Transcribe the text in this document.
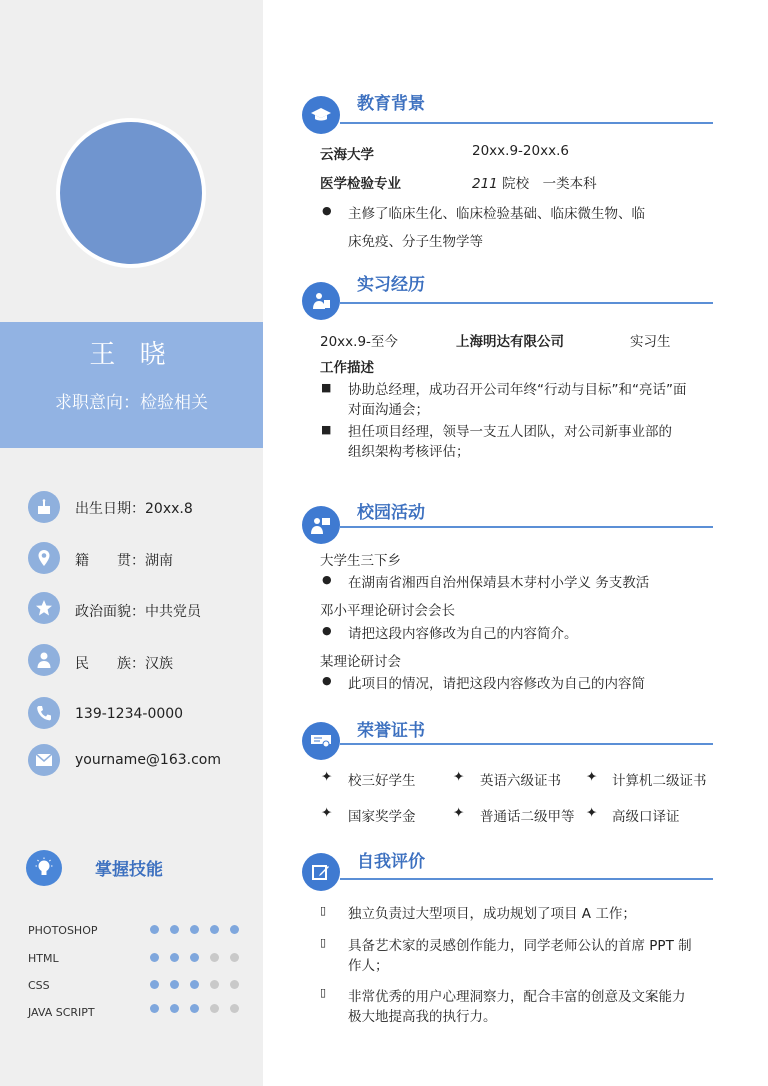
王 晓
求职意向：检验相关
出生日期：20xx.8
籍　　贯：湖南
政治面貌：中共党员
民　　族：汉族
139-1234-0000
yourname@163.com
掌握技能
PHOTOSHOP
HTML
CSS
JAVA SCRIPT
教育背景
云海大学	20xx.9-20xx.6
医学检验专业	211 院校　一类本科
● 主修了临床生化、临床检验基础、临床微生物、临
床免疫、分子生物学等
实习经历
20xx.9-至今	上海明达有限公司	实习生
工作描述
■ 协助总经理，成功召开公司年终“行动与目标”和“亮话”面
对面沟通会；
■ 担任项目经理，领导一支五人团队，对公司新事业部的
组织架构考核评估；
校园活动
大学生三下乡
● 在湖南省湘西自治州保靖县木芽村小学义 务支教活
邓小平理论研讨会会长
● 请把这段内容修改为自己的内容简介。
某理论研讨会
● 此项目的情况，请把这段内容修改为自己的内容简
荣誉证书
✦ 校三好学生	✦ 英语六级证书 ✦ 计算机二级证书
✦ 国家奖学金	✦ 普通话二级甲等 ✦ 高级口译证
自我评价
▯ 独立负责过大型项目，成功规划了项目 A 工作；
▯ 具备艺术家的灵感创作能力，同学老师公认的首席 PPT 制
作人；
▯ 非常优秀的用户心理洞察力，配合丰富的创意及文案能力
极大地提高我的执行力。
